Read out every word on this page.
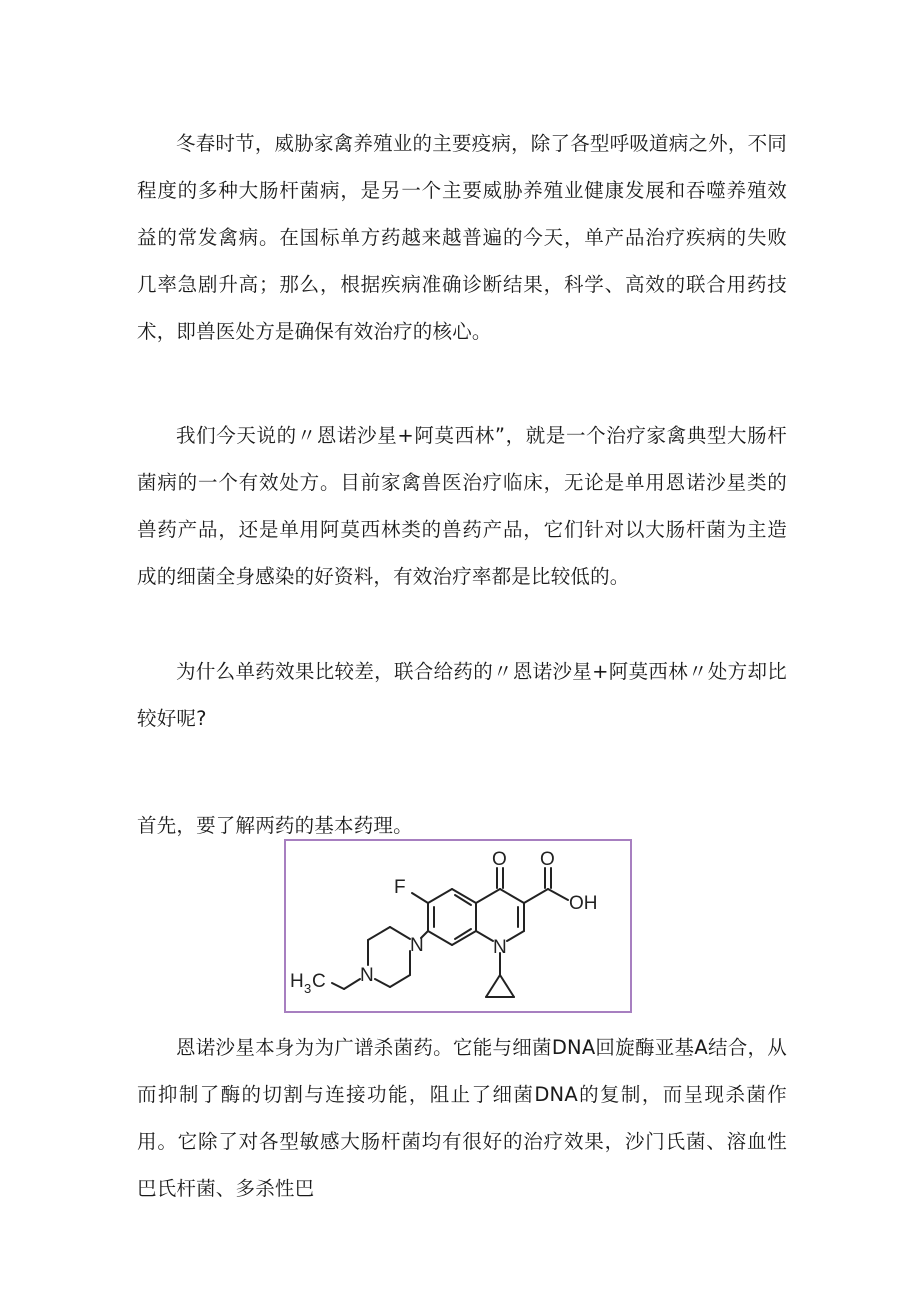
冬春时节，威胁家禽养殖业的主要疫病，除了各型呼吸道病之外，不同程度的多种大肠杆菌病，是另一个主要威胁养殖业健康发展和吞噬养殖效益的常发禽病。在国标单方药越来越普遍的今天，单产品治疗疾病的失败几率急剧升高；那么，根据疾病准确诊断结果，科学、高效的联合用药技术，即兽医处方是确保有效治疗的核心。

我们今天说的〃恩诺沙星+阿莫西林”，就是一个治疗家禽典型大肠杆菌病的一个有效处方。目前家禽兽医治疗临床，无论是单用恩诺沙星类的兽药产品，还是单用阿莫西林类的兽药产品，它们针对以大肠杆菌为主造成的细菌全身感染的好资料，有效治疗率都是比较低的。

为什么单药效果比较差，联合给药的〃恩诺沙星+阿莫西林〃处方却比较好呢?

首先，要了解两药的基本药理。

F
O O
OH
N
N
N
H 3 C

恩诺沙星本身为为广谱杀菌药。它能与细菌DNA回旋酶亚基A结合，从而抑制了酶的切割与连接功能，阻止了细菌DNA的复制，而呈现杀菌作用。它除了对各型敏感大肠杆菌均有很好的治疗效果，沙门氏菌、溶血性巴氏杆菌、多杀性巴
